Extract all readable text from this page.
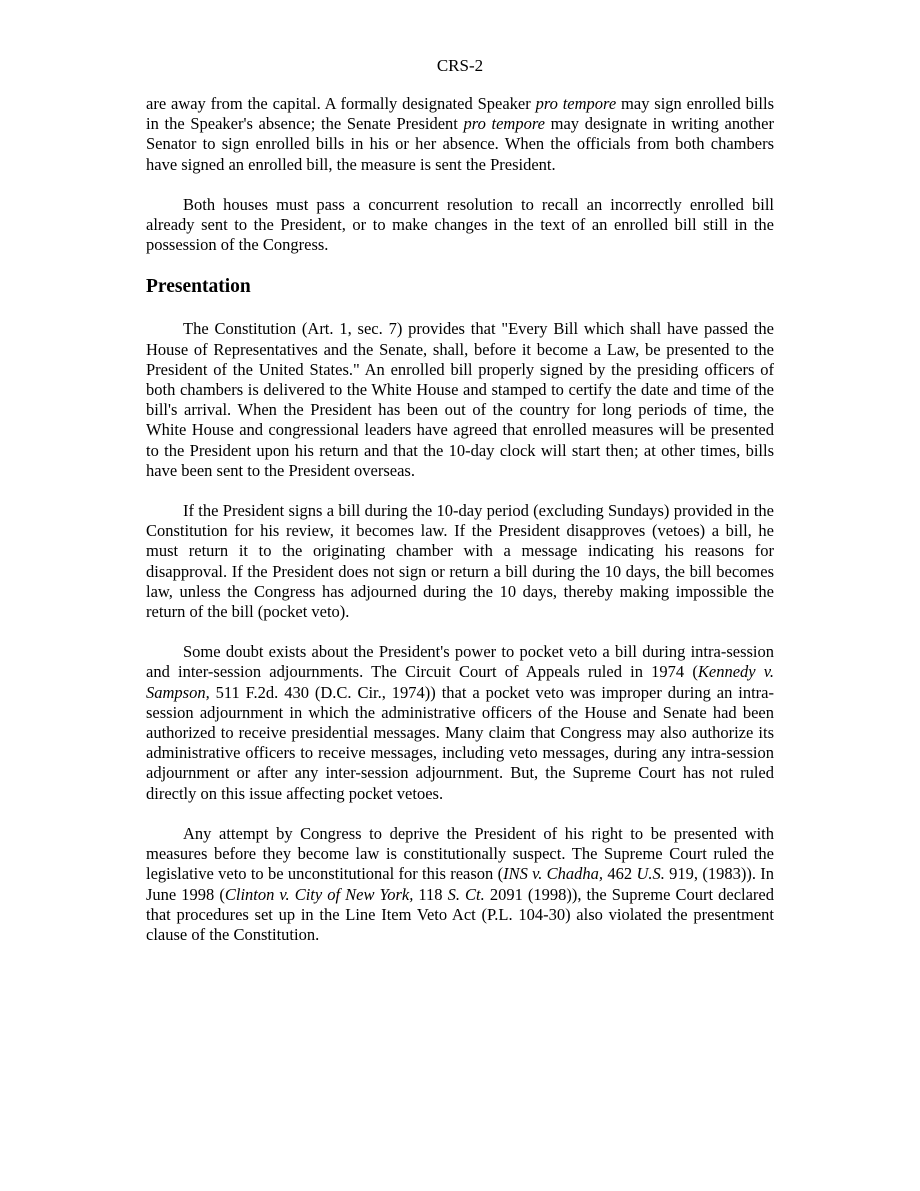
CRS-2

are away from the capital. A formally designated Speaker pro tempore may sign enrolled bills in the Speaker's absence; the Senate President pro tempore may designate in writing another Senator to sign enrolled bills in his or her absence. When the officials from both chambers have signed an enrolled bill, the measure is sent the President.

Both houses must pass a concurrent resolution to recall an incorrectly enrolled bill already sent to the President, or to make changes in the text of an enrolled bill still in the possession of the Congress.

Presentation

The Constitution (Art. 1, sec. 7) provides that "Every Bill which shall have passed the House of Representatives and the Senate, shall, before it become a Law, be presented to the President of the United States." An enrolled bill properly signed by the presiding officers of both chambers is delivered to the White House and stamped to certify the date and time of the bill's arrival. When the President has been out of the country for long periods of time, the White House and congressional leaders have agreed that enrolled measures will be presented to the President upon his return and that the 10-day clock will start then; at other times, bills have been sent to the President overseas.

If the President signs a bill during the 10-day period (excluding Sundays) provided in the Constitution for his review, it becomes law. If the President disapproves (vetoes) a bill, he must return it to the originating chamber with a message indicating his reasons for disapproval. If the President does not sign or return a bill during the 10 days, the bill becomes law, unless the Congress has adjourned during the 10 days, thereby making impossible the return of the bill (pocket veto).

Some doubt exists about the President's power to pocket veto a bill during intra-session and inter-session adjournments. The Circuit Court of Appeals ruled in 1974 (Kennedy v. Sampson, 511 F.2d. 430 (D.C. Cir., 1974)) that a pocket veto was improper during an intra-session adjournment in which the administrative officers of the House and Senate had been authorized to receive presidential messages. Many claim that Congress may also authorize its administrative officers to receive messages, including veto messages, during any intra-session adjournment or after any inter-session adjournment. But, the Supreme Court has not ruled directly on this issue affecting pocket vetoes.

Any attempt by Congress to deprive the President of his right to be presented with measures before they become law is constitutionally suspect. The Supreme Court ruled the legislative veto to be unconstitutional for this reason (INS v. Chadha, 462 U.S. 919, (1983)). In June 1998 (Clinton v. City of New York, 118 S. Ct. 2091 (1998)), the Supreme Court declared that procedures set up in the Line Item Veto Act (P.L. 104-30) also violated the presentment clause of the Constitution.
